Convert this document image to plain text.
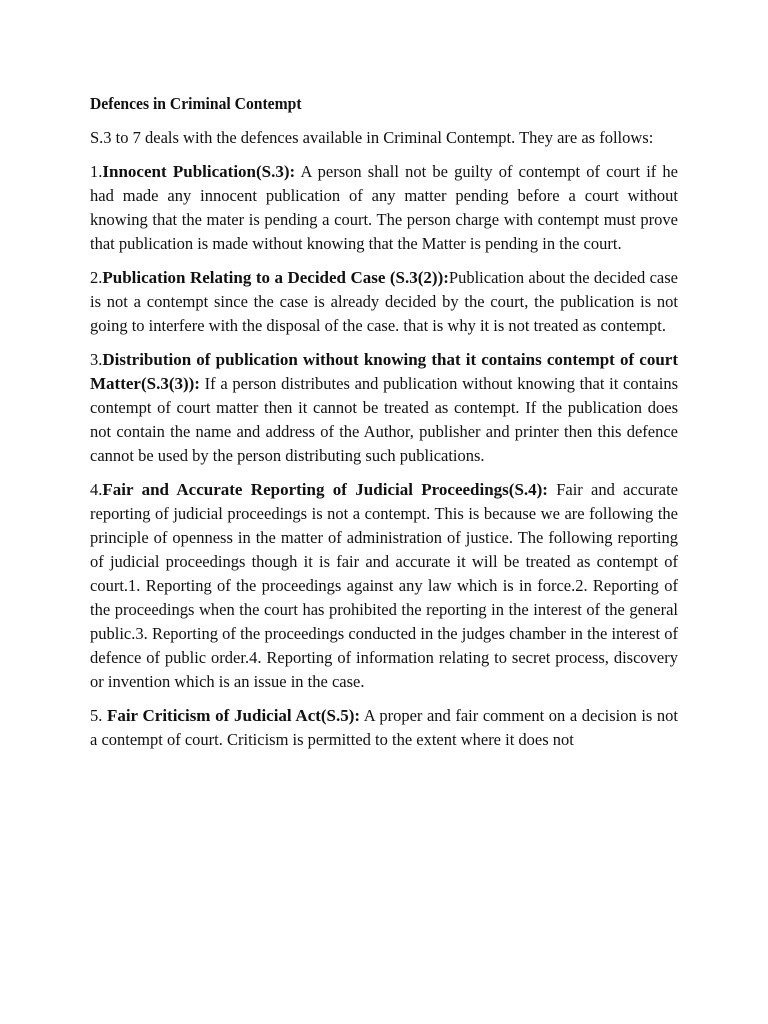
Defences in Criminal Contempt

S.3 to 7 deals with the defences available in Criminal Contempt. They are as follows:

1.Innocent Publication(S.3): A person shall not be guilty of contempt of court if he had made any innocent publication of any matter pending before a court without knowing that the mater is pending a court. The person charge with contempt must prove that publication is made without knowing that the Matter is pending in the court.

2.Publication Relating to a Decided Case (S.3(2)):Publication about the decided case is not a contempt since the case is already decided by the court, the publication is not going to interfere with the disposal of the case. that is why it is not treated as contempt.

3.Distribution of publication without knowing that it contains contempt of court Matter(S.3(3)): If a person distributes and publication without knowing that it contains contempt of court matter then it cannot be treated as contempt. If the publication does not contain the name and address of the Author, publisher and printer then this defence cannot be used by the person distributing such publications.

4.Fair and Accurate Reporting of Judicial Proceedings(S.4): Fair and accurate reporting of judicial proceedings is not a contempt. This is because we are following the principle of openness in the matter of administration of justice. The following reporting of judicial proceedings though it is fair and accurate it will be treated as contempt of court.1. Reporting of the proceedings against any law which is in force.2. Reporting of the proceedings when the court has prohibited the reporting in the interest of the general public.3. Reporting of the proceedings conducted in the judges chamber in the interest of defence of public order.4. Reporting of information relating to secret process, discovery or invention which is an issue in the case.

5. Fair Criticism of Judicial Act(S.5): A proper and fair comment on a decision is not a contempt of court. Criticism is permitted to the extent where it does not
